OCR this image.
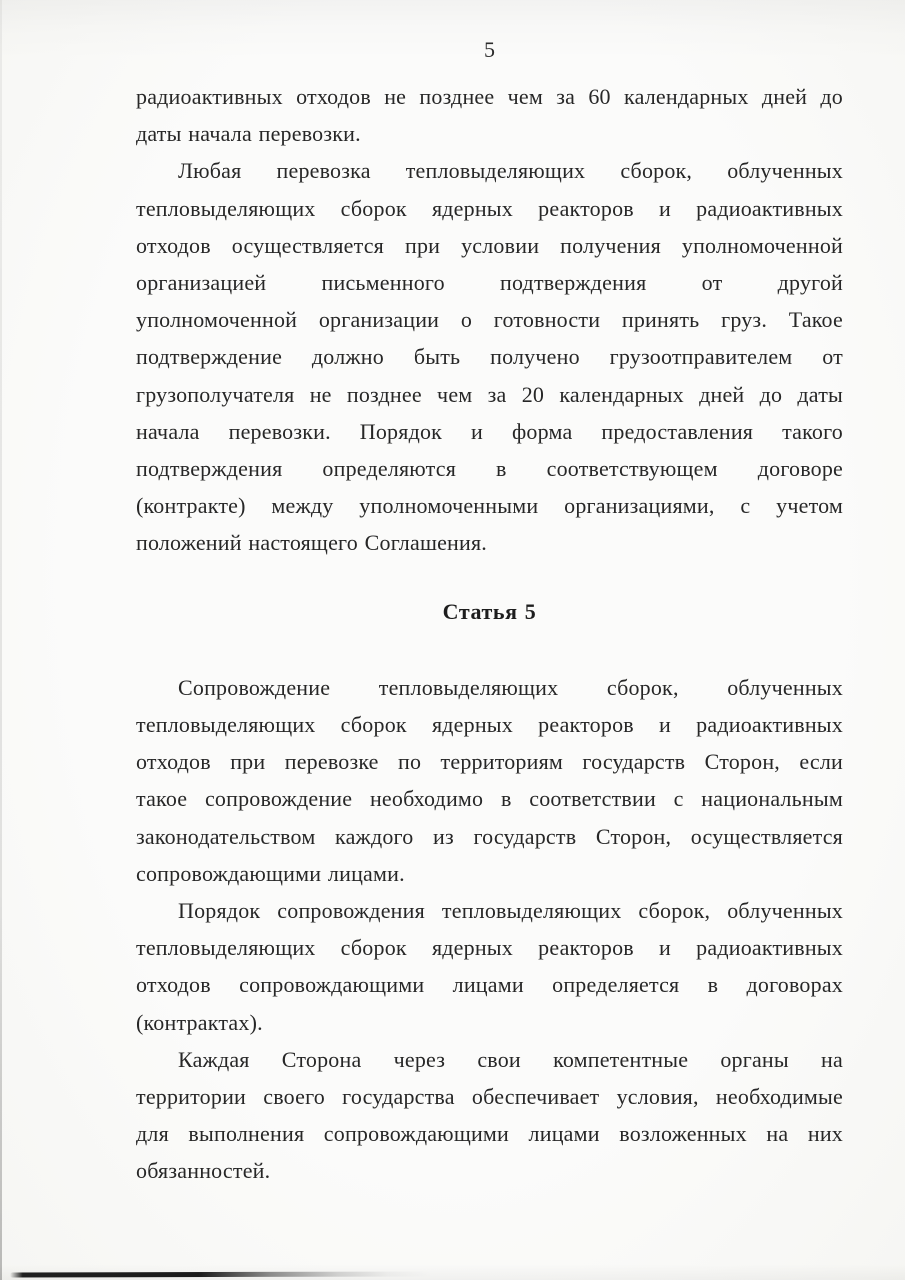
5
радиоактивных отходов не позднее чем за 60 календарных дней до
даты начала перевозки.
Любая перевозка тепловыделяющих сборок, облученных
тепловыделяющих сборок ядерных реакторов и радиоактивных
отходов осуществляется при условии получения уполномоченной
организацией письменного подтверждения от другой
уполномоченной организации о готовности принять груз. Такое
подтверждение должно быть получено грузоотправителем от
грузополучателя не позднее чем за 20 календарных дней до даты
начала перевозки. Порядок и форма предоставления такого
подтверждения определяются в соответствующем договоре
(контракте) между уполномоченными организациями, с учетом
положений настоящего Соглашения.
Статья 5
Сопровождение тепловыделяющих сборок, облученных
тепловыделяющих сборок ядерных реакторов и радиоактивных
отходов при перевозке по территориям государств Сторон, если
такое сопровождение необходимо в соответствии с национальным
законодательством каждого из государств Сторон, осуществляется
сопровождающими лицами.
Порядок сопровождения тепловыделяющих сборок, облученных
тепловыделяющих сборок ядерных реакторов и радиоактивных
отходов сопровождающими лицами определяется в договорах
(контрактах).
Каждая Сторона через свои компетентные органы на
территории своего государства обеспечивает условия, необходимые
для выполнения сопровождающими лицами возложенных на них
обязанностей.
